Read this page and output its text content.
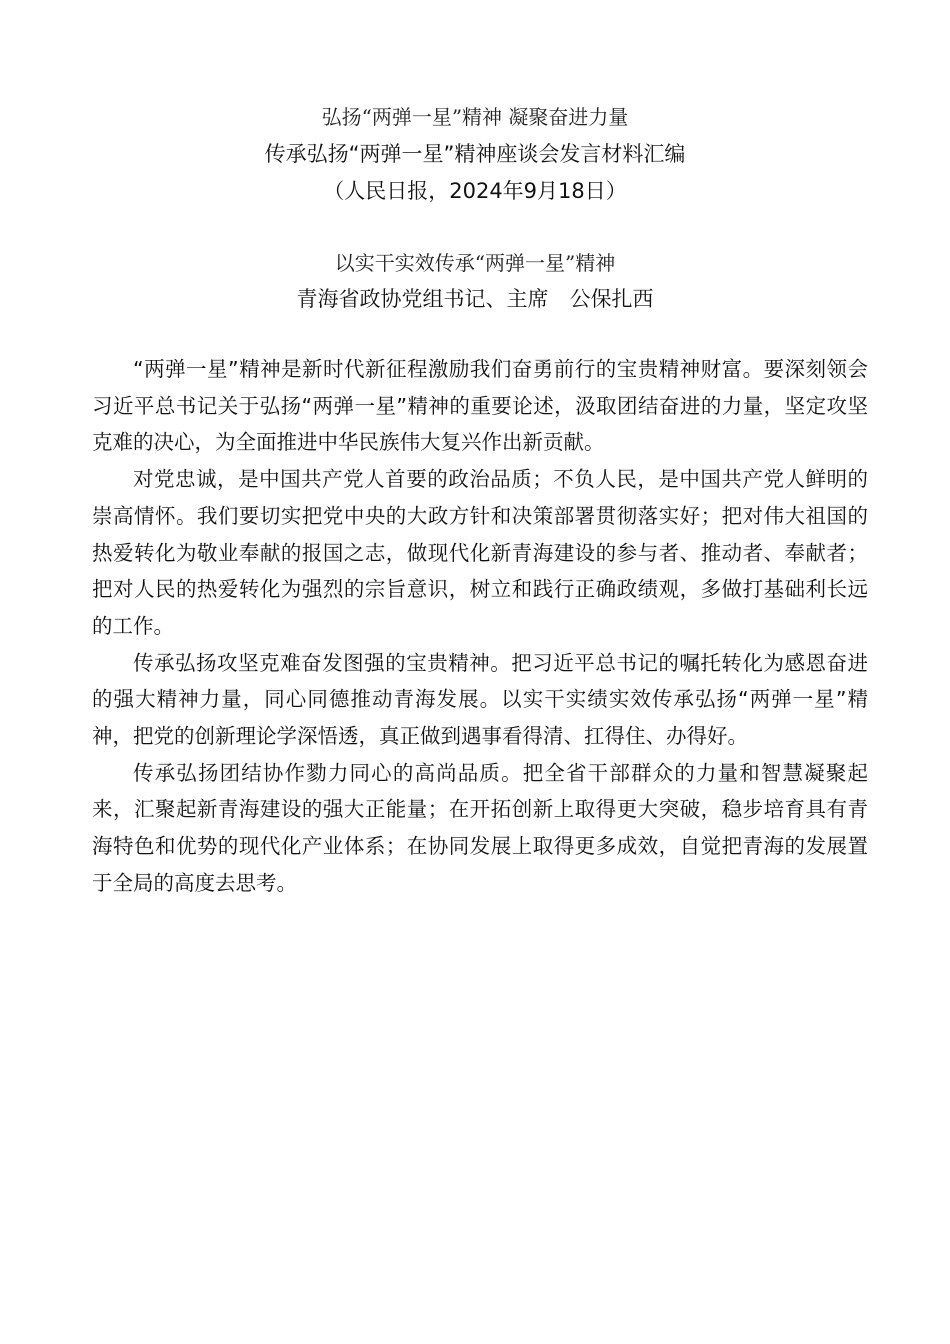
弘扬“两弹一星”精神 凝聚奋进力量
传承弘扬“两弹一星”精神座谈会发言材料汇编
（人民日报，2024年9月18日）
以实干实效传承“两弹一星”精神
青海省政协党组书记、主席　公保扎西

“两弹一星”精神是新时代新征程激励我们奋勇前行的宝贵精神财富。要深刻领会习近平总书记关于弘扬“两弹一星”精神的重要论述，汲取团结奋进的力量，坚定攻坚克难的决心，为全面推进中华民族伟大复兴作出新贡献。

对党忠诚，是中国共产党人首要的政治品质；不负人民，是中国共产党人鲜明的崇高情怀。我们要切实把党中央的大政方针和决策部署贯彻落实好；把对伟大祖国的热爱转化为敬业奉献的报国之志，做现代化新青海建设的参与者、推动者、奉献者；把对人民的热爱转化为强烈的宗旨意识，树立和践行正确政绩观，多做打基础利长远的工作。

传承弘扬攻坚克难奋发图强的宝贵精神。把习近平总书记的嘱托转化为感恩奋进的强大精神力量，同心同德推动青海发展。以实干实绩实效传承弘扬“两弹一星”精神，把党的创新理论学深悟透，真正做到遇事看得清、扛得住、办得好。

传承弘扬团结协作勠力同心的高尚品质。把全省干部群众的力量和智慧凝聚起来，汇聚起新青海建设的强大正能量；在开拓创新上取得更大突破，稳步培育具有青海特色和优势的现代化产业体系；在协同发展上取得更多成效，自觉把青海的发展置于全局的高度去思考。
